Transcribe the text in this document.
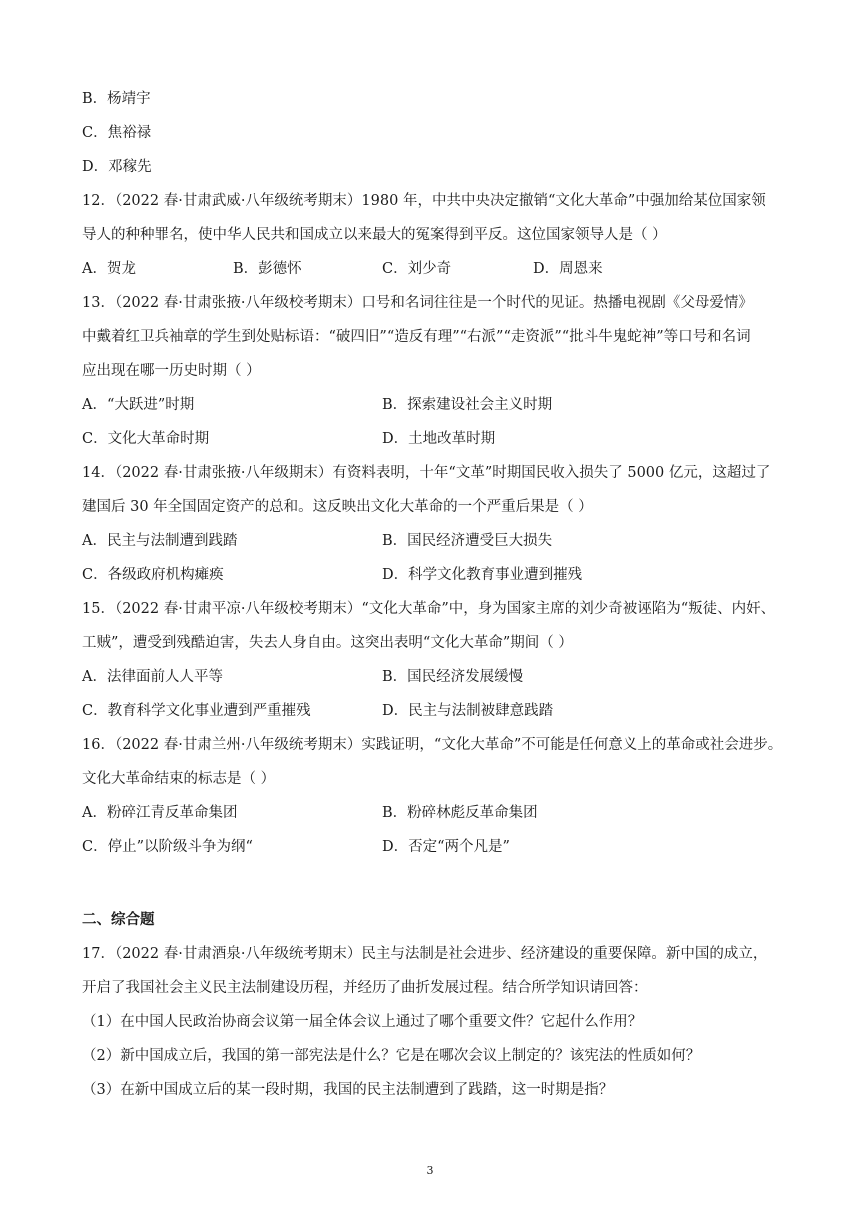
B．杨靖宇
C．焦裕禄
D．邓稼先
12．（2022 春·甘肃武威·八年级统考期末）1980 年，中共中央决定撤销“文化大革命”中强加给某位国家领
导人的种种罪名，使中华人民共和国成立以来最大的冤案得到平反。这位国家领导人是（ ）
A．贺龙	B．彭德怀	C．刘少奇	D．周恩来
13．（2022 春·甘肃张掖·八年级校考期末）口号和名词往往是一个时代的见证。热播电视剧《父母爱情》
中戴着红卫兵袖章的学生到处贴标语：“破四旧”“造反有理”“右派”“走资派”“批斗牛鬼蛇神”等口号和名词
应出现在哪一历史时期（ ）
A．“大跃进”时期	B．探索建设社会主义时期
C．文化大革命时期	D．土地改革时期
14．（2022 春·甘肃张掖·八年级期末）有资料表明，十年“文革”时期国民收入损失了 5000 亿元，这超过了
建国后 30 年全国固定资产的总和。这反映出文化大革命的一个严重后果是（ ）
A．民主与法制遭到践踏	B．国民经济遭受巨大损失
C．各级政府机构瘫痪	D．科学文化教育事业遭到摧残
15．（2022 春·甘肃平凉·八年级校考期末）“文化大革命”中，身为国家主席的刘少奇被诬陷为“叛徒、内奸、
工贼”，遭受到残酷迫害，失去人身自由。这突出表明“文化大革命”期间（ ）
A．法律面前人人平等	B．国民经济发展缓慢
C．教育科学文化事业遭到严重摧残	D．民主与法制被肆意践踏
16．（2022 春·甘肃兰州·八年级统考期末）实践证明，“文化大革命”不可能是任何意义上的革命或社会进步。
文化大革命结束的标志是（ ）
A．粉碎江青反革命集团	B．粉碎林彪反革命集团
C．停止”以阶级斗争为纲“	D．否定“两个凡是”
二、综合题
17．（2022 春·甘肃酒泉·八年级统考期末）民主与法制是社会进步、经济建设的重要保障。新中国的成立，
开启了我国社会主义民主法制建设历程，并经历了曲折发展过程。结合所学知识请回答：
（1）在中国人民政治协商会议第一届全体会议上通过了哪个重要文件？它起什么作用？
（2）新中国成立后，我国的第一部宪法是什么？它是在哪次会议上制定的？该宪法的性质如何？
（3）在新中国成立后的某一段时期，我国的民主法制遭到了践踏，这一时期是指？
3
